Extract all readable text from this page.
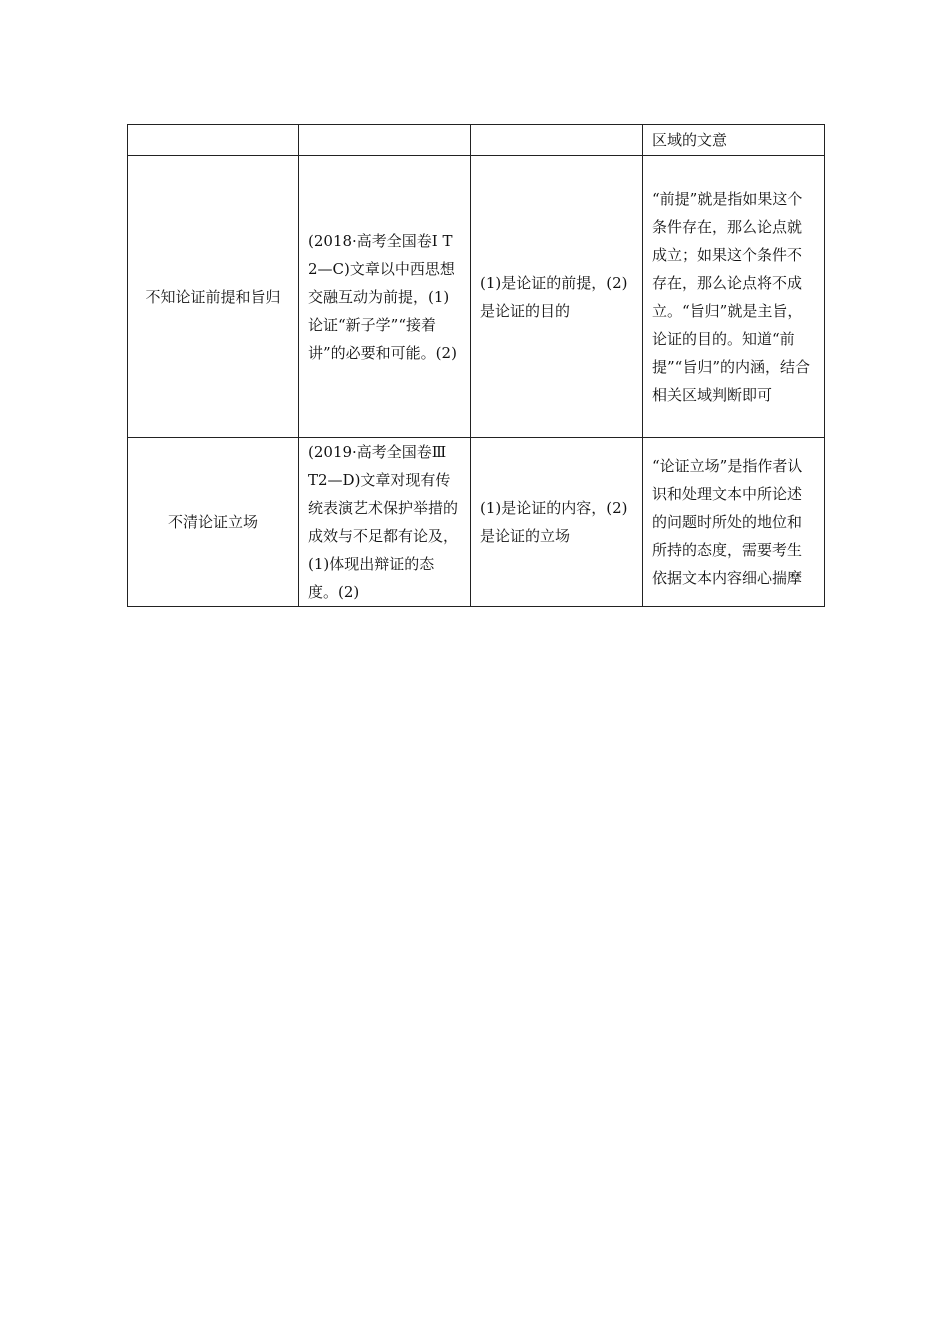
			区域的文意
不知论证前提和旨归	(2018·高考全国卷Ⅰ T2—C)文章以中西思想交融互动为前提，(1)论证“新子学”“接着讲”的必要和可能。(2)	(1)是论证的前提，(2)是论证的目的	“前提”就是指如果这个条件存在，那么论点就成立；如果这个条件不存在，那么论点将不成立。“旨归”就是主旨，论证的目的。知道“前提”“旨归”的内涵，结合相关区域判断即可
不清论证立场	(2019·高考全国卷Ⅲ T2—D)文章对现有传统表演艺术保护举措的成效与不足都有论及，(1)体现出辩证的态度。(2)	(1)是论证的内容，(2)是论证的立场	“论证立场”是指作者认识和处理文本中所论述的问题时所处的地位和所持的态度，需要考生依据文本内容细心揣摩
